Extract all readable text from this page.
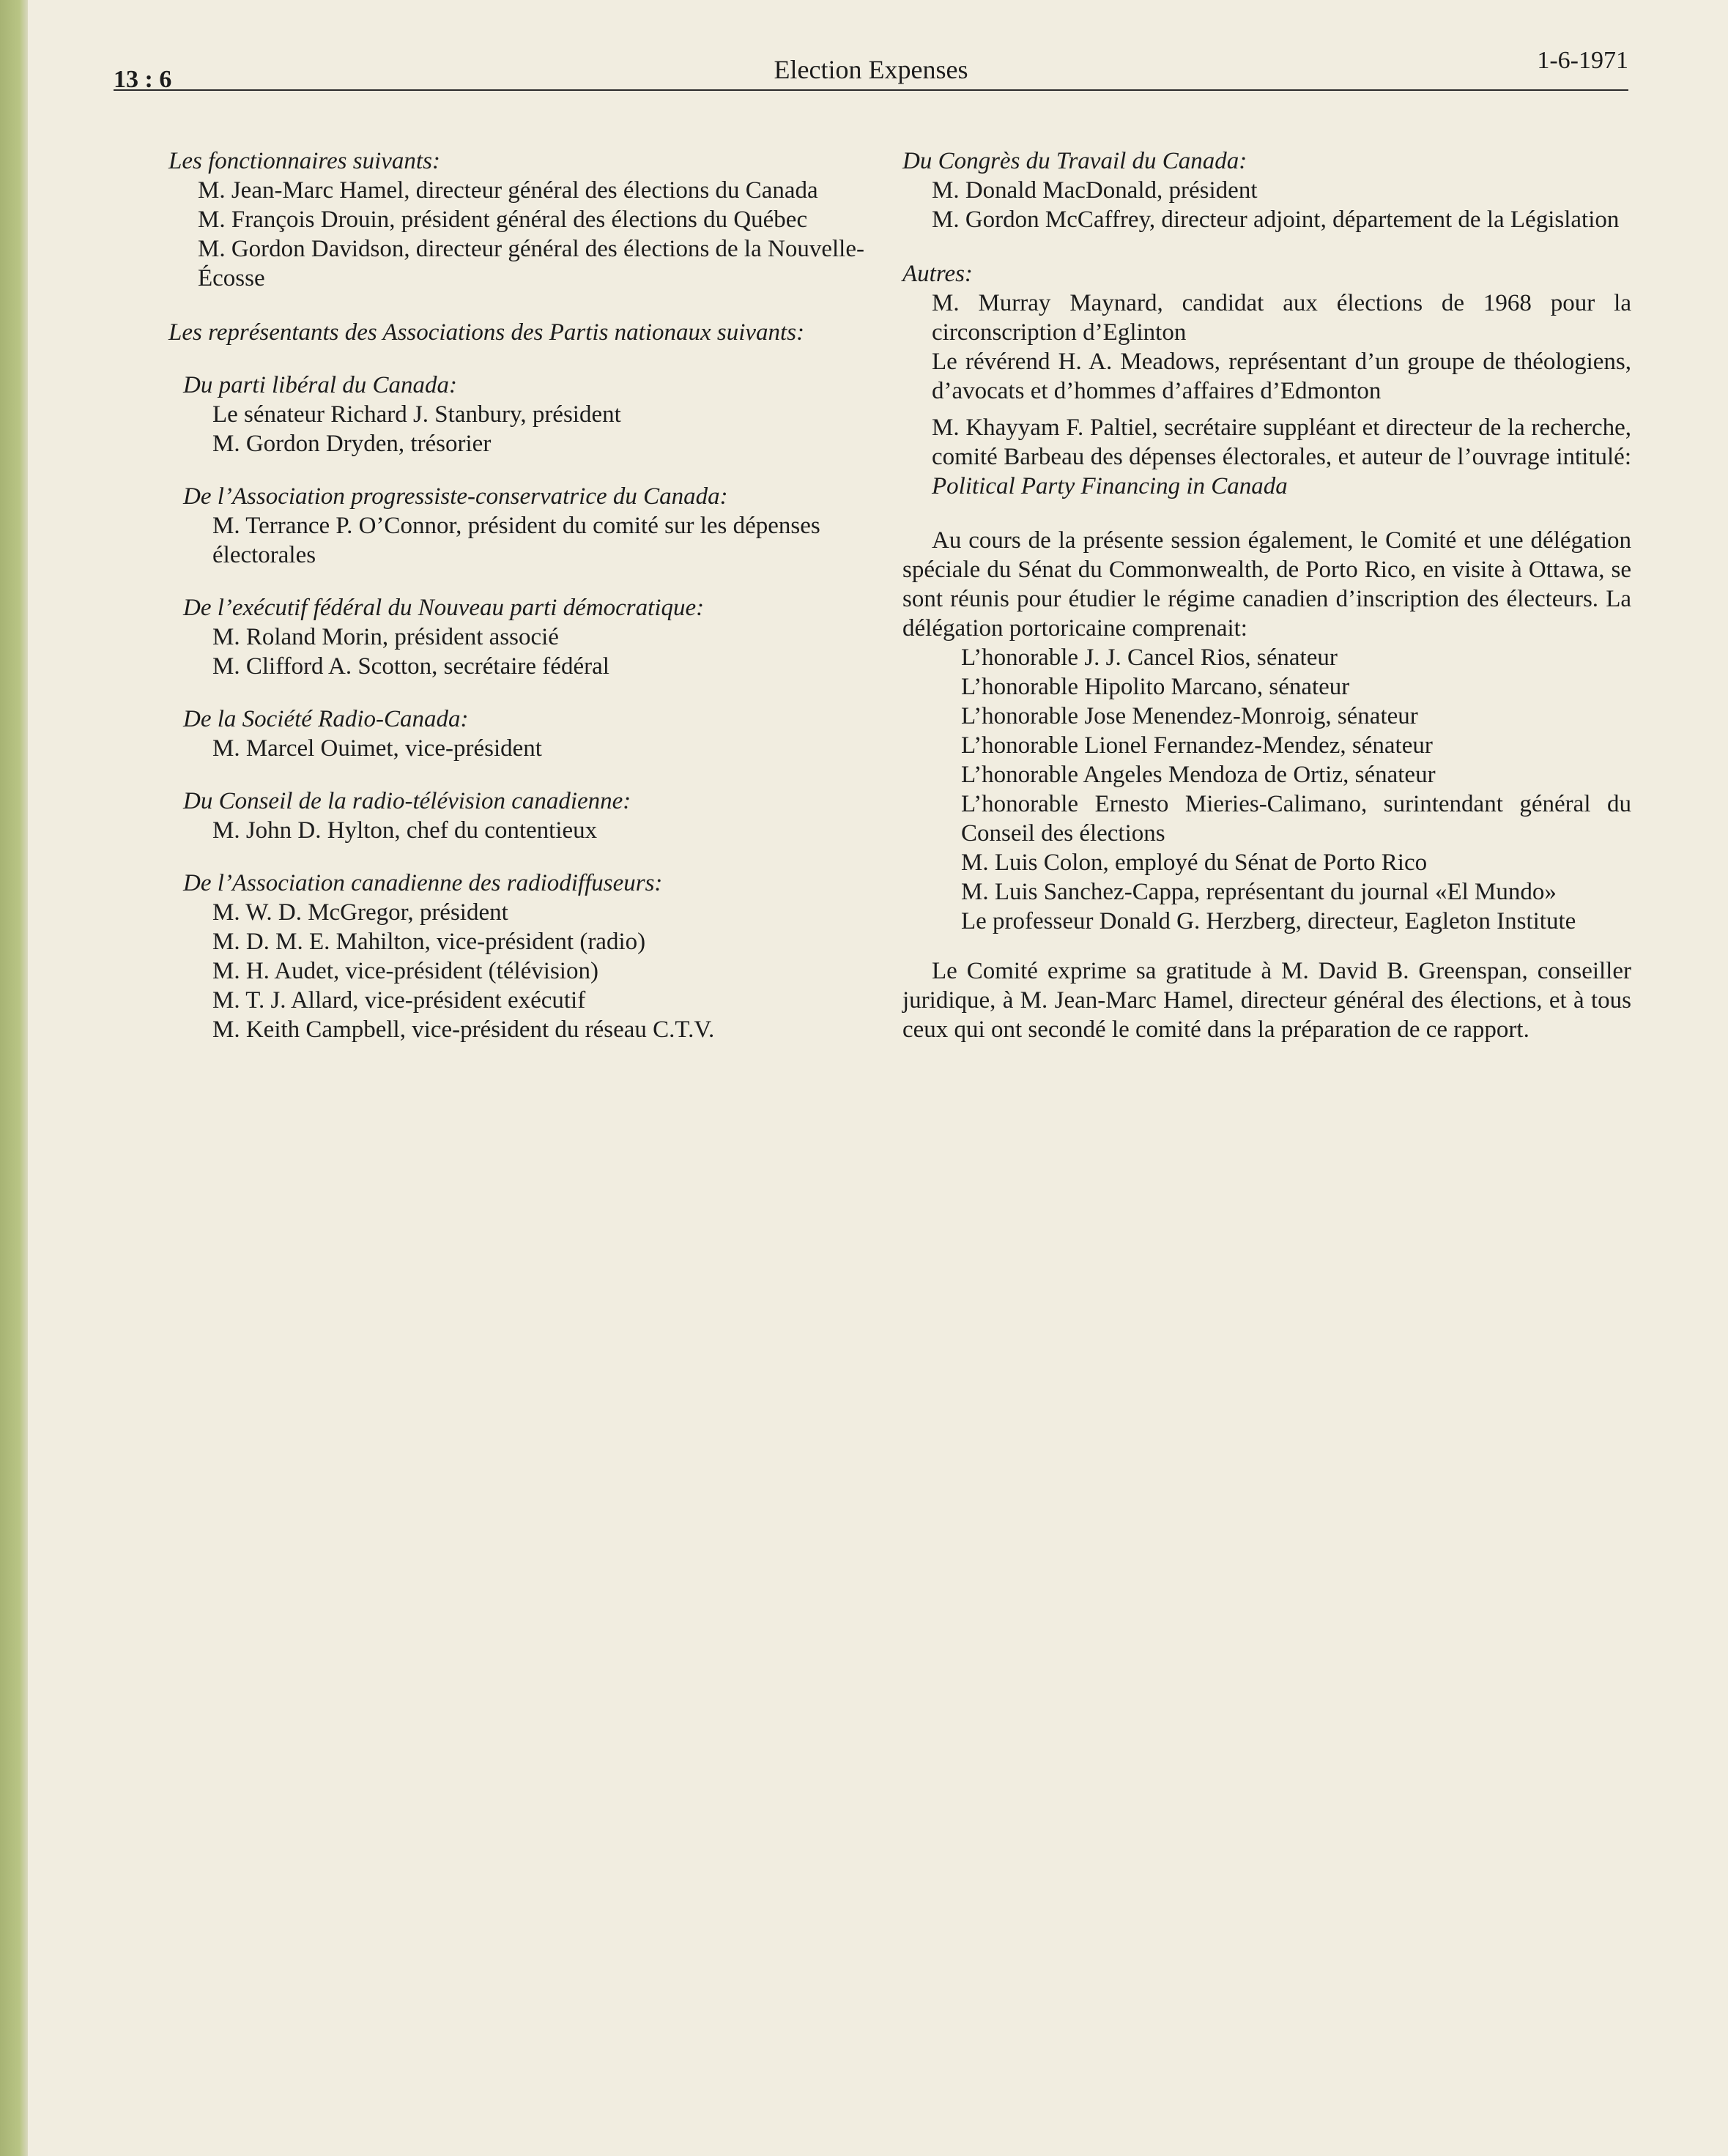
13 : 6	Election Expenses	1-6-1971
Les fonctionnaires suivants:
M. Jean-Marc Hamel, directeur général des élections du Canada
M. François Drouin, président général des élections du Québec
M. Gordon Davidson, directeur général des élections de la Nouvelle-Écosse
Les représentants des Associations des Partis nationaux suivants:
Du parti libéral du Canada:
Le sénateur Richard J. Stanbury, président
M. Gordon Dryden, trésorier
De l’Association progressiste-conservatrice du Canada:
M. Terrance P. O’Connor, président du comité sur les dépenses électorales
De l’exécutif fédéral du Nouveau parti démocratique:
M. Roland Morin, président associé
M. Clifford A. Scotton, secrétaire fédéral
De la Société Radio-Canada:
M. Marcel Ouimet, vice-président
Du Conseil de la radio-télévision canadienne:
M. John D. Hylton, chef du contentieux
De l’Association canadienne des radiodiffuseurs:
M. W. D. McGregor, président
M. D. M. E. Mahilton, vice-président (radio)
M. H. Audet, vice-président (télévision)
M. T. J. Allard, vice-président exécutif
M. Keith Campbell, vice-président du réseau C.T.V.
Du Congrès du Travail du Canada:
M. Donald MacDonald, président
M. Gordon McCaffrey, directeur adjoint, département de la Législation
Autres:
M. Murray Maynard, candidat aux élections de 1968 pour la circonscription d’Eglinton
Le révérend H. A. Meadows, représentant d’un groupe de théologiens, d’avocats et d’hommes d’affaires d’Edmonton
M. Khayyam F. Paltiel, secrétaire suppléant et directeur de la recherche, comité Barbeau des dépenses électorales, et auteur de l’ouvrage intitulé: Political Party Financing in Canada
Au cours de la présente session également, le Comité et une délégation spéciale du Sénat du Commonwealth, de Porto Rico, en visite à Ottawa, se sont réunis pour étudier le régime canadien d’inscription des électeurs. La délégation portoricaine comprenait:
L’honorable J. J. Cancel Rios, sénateur
L’honorable Hipolito Marcano, sénateur
L’honorable Jose Menendez-Monroig, sénateur
L’honorable Lionel Fernandez-Mendez, sénateur
L’honorable Angeles Mendoza de Ortiz, sénateur
L’honorable Ernesto Mieries-Calimano, surintendant général du Conseil des élections
M. Luis Colon, employé du Sénat de Porto Rico
M. Luis Sanchez-Cappa, représentant du journal «El Mundo»
Le professeur Donald G. Herzberg, directeur, Eagleton Institute
Le Comité exprime sa gratitude à M. David B. Greenspan, conseiller juridique, à M. Jean-Marc Hamel, directeur général des élections, et à tous ceux qui ont secondé le comité dans la préparation de ce rapport.
